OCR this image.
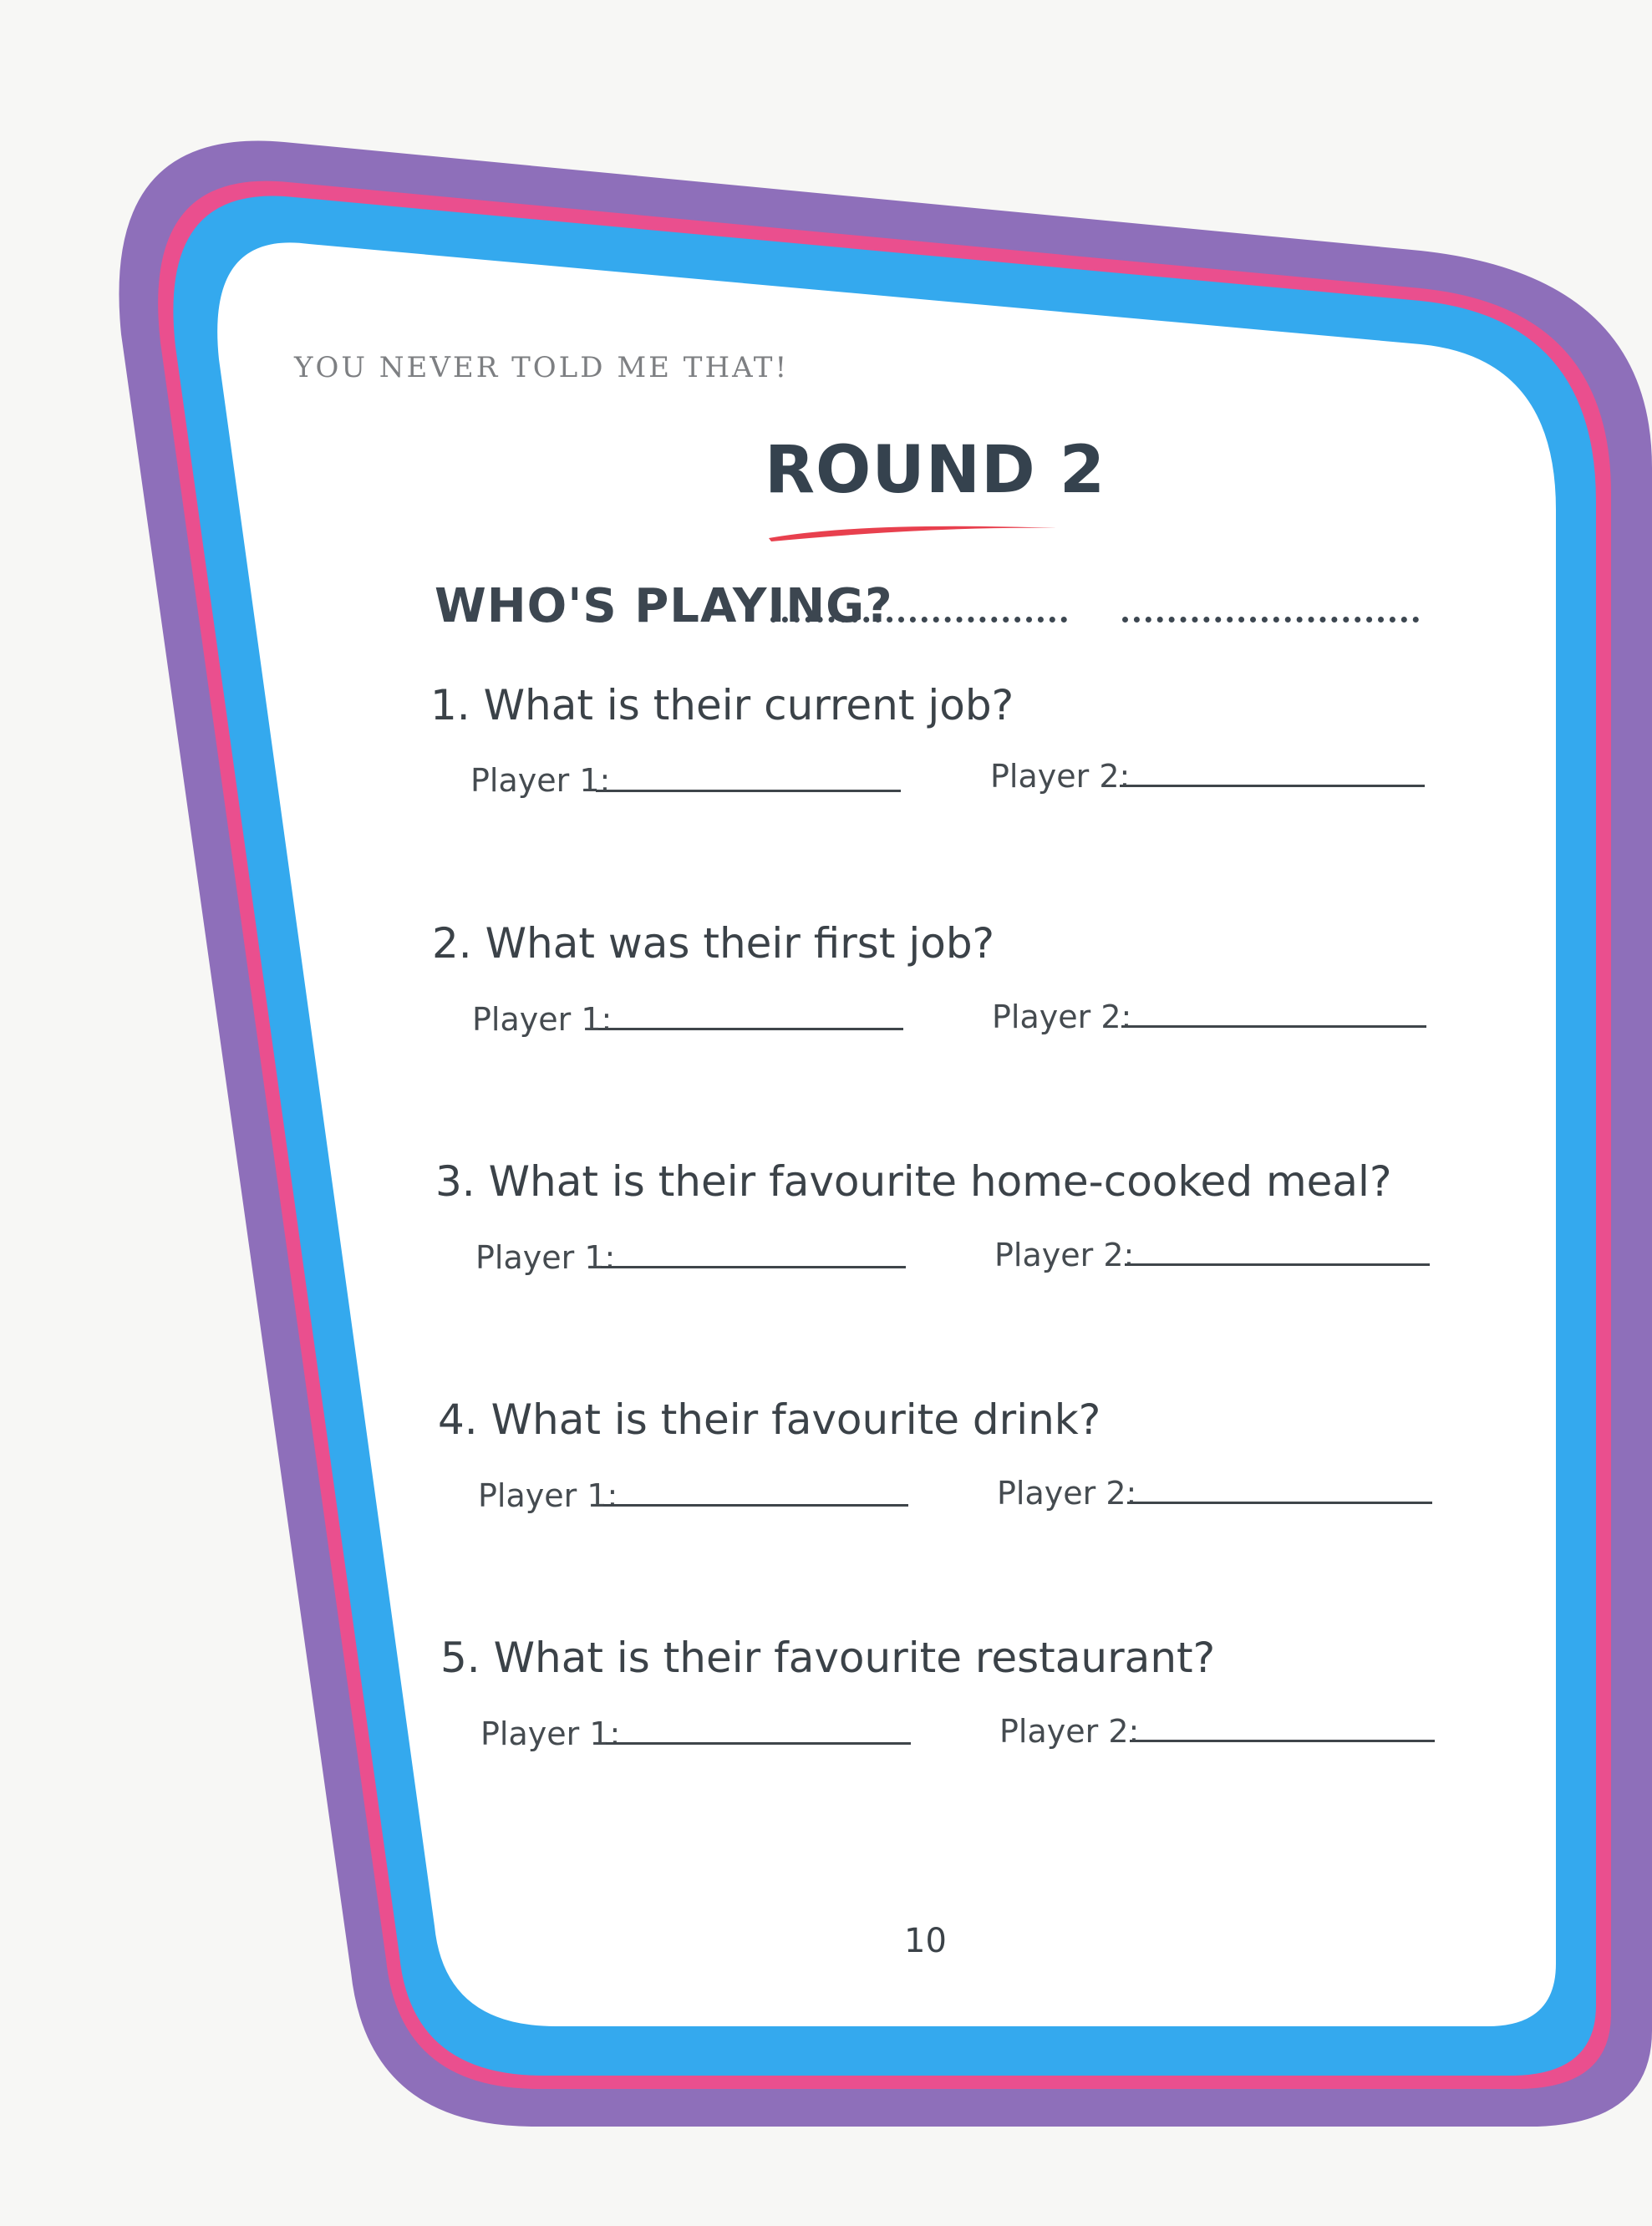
YOU NEVER TOLD ME THAT!
ROUND 2
WHO'S PLAYING?
1. What is their current job?
Player 1:	Player 2:
2. What was their first job?
Player 1:	Player 2:
3. What is their favourite home-cooked meal?
Player 1:	Player 2:
4. What is their favourite drink?
Player 1:	Player 2:
5. What is their favourite restaurant?
Player 1:	Player 2:
10
